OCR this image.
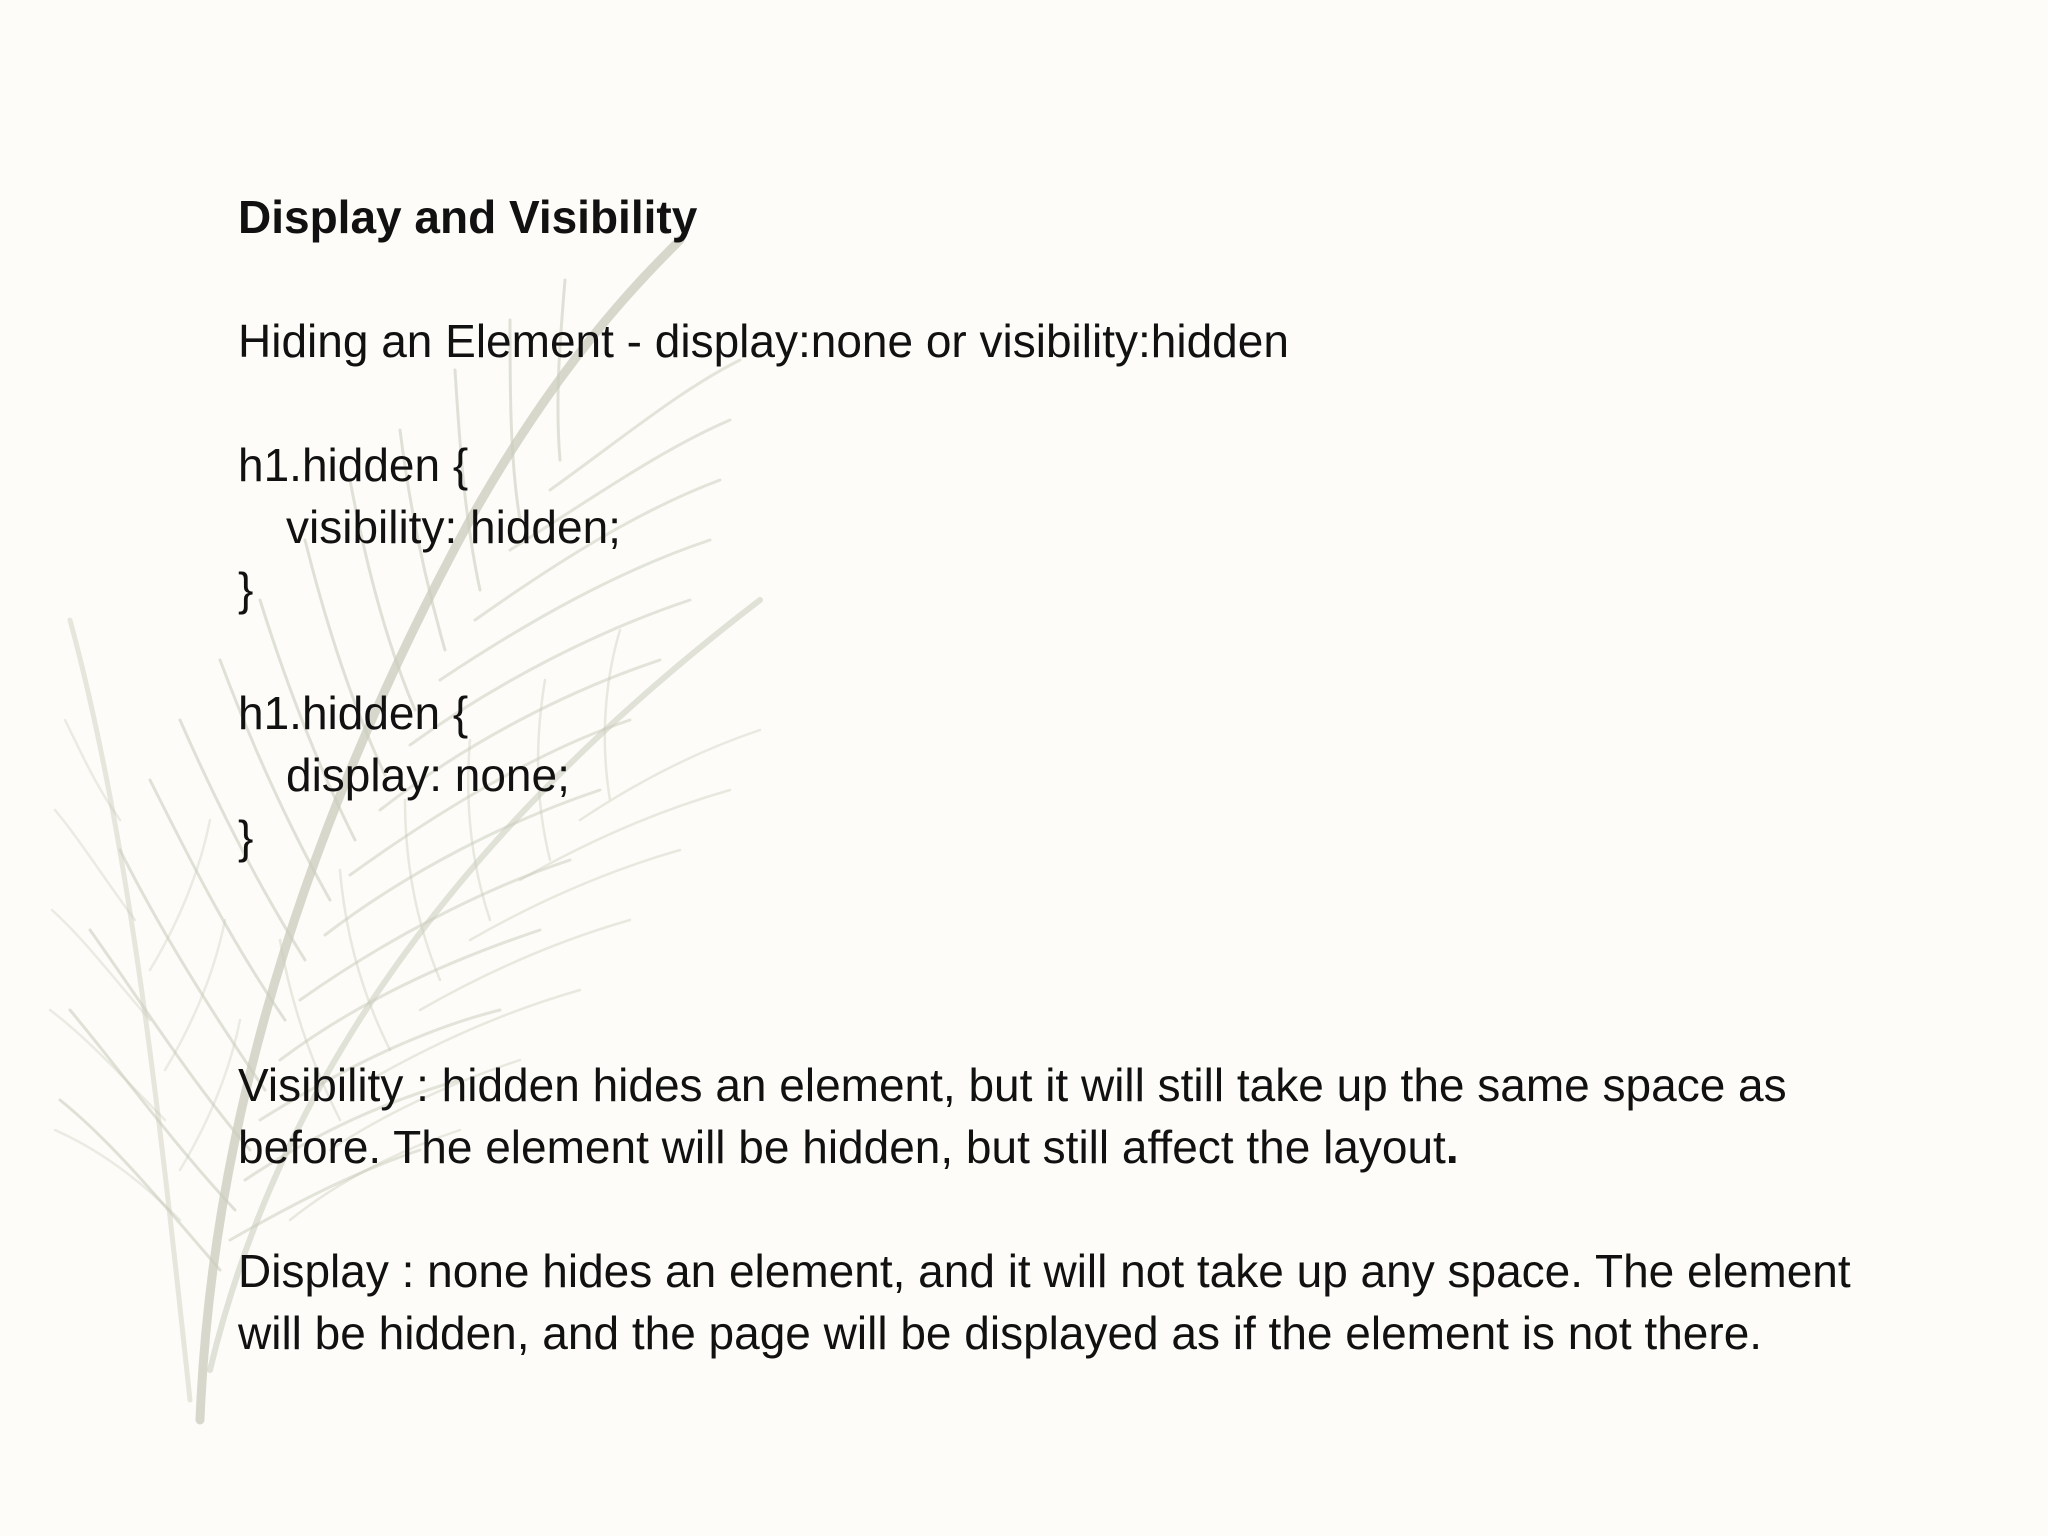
Display and Visibility
Hiding an Element - display:none or visibility:hidden
h1.hidden {
visibility: hidden;
}
h1.hidden {
display: none;
}

Visibility : hidden hides an element, but it will still take up the same space as before. The element will be hidden, but still affect the layout.

Display : none hides an element, and it will not take up any space. The element will be hidden, and the page will be displayed as if the element is not there.
